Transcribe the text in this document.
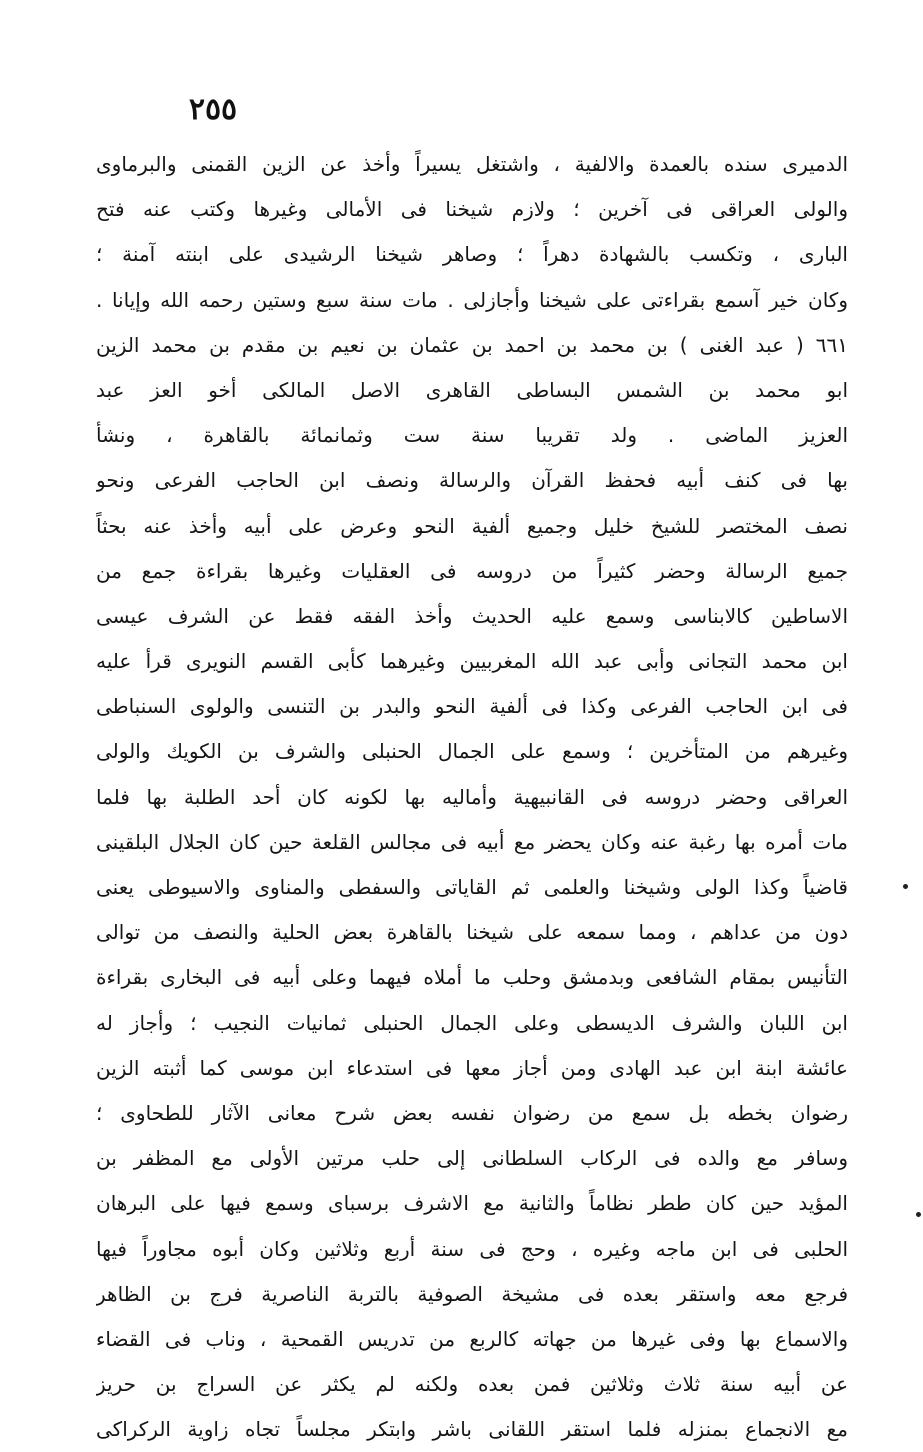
٢٥٥
الدميرى سنده بالعمدة والالفية ، واشتغل يسيراً وأخذ عن الزين القمنى والبرماوى
والولى العراقى فى آخرين ؛ ولازم شيخنا فى الأمالى وغيرها وكتب عنه فتح
البارى ، وتكسب بالشهادة دهراً ؛ وصاهر شيخنا الرشيدى على ابنته آمنة ؛
وكان خير آسمع بقراءتى على شيخنا وأجازلى . مات سنة سبع وستين رحمه الله وإيانا .
٦٦١ ( عبد الغنى ) بن محمد بن احمد بن عثمان بن نعيم بن مقدم بن محمد الزين
ابو محمد بن الشمس البساطى القاهرى الاصل المالكى أخو العز عبد
العزيز الماضى . ولد تقريبا سنة ست وثمانمائة بالقاهرة ، ونشأ
بها فى كنف أبيه فحفظ القرآن والرسالة ونصف ابن الحاجب الفرعى ونحو
نصف المختصر للشيخ خليل وجميع ألفية النحو وعرض على أبيه وأخذ عنه بحثاً
جميع الرسالة وحضر كثيراً من دروسه فى العقليات وغيرها بقراءة جمع من
الاساطين كالابناسى وسمع عليه الحديث وأخذ الفقه فقط عن الشرف عيسى
ابن محمد التجانى وأبى عبد الله المغربيين وغيرهما كأبى القسم النويرى قرأ عليه
فى ابن الحاجب الفرعى وكذا فى ألفية النحو والبدر بن التنسى والولوى السنباطى
وغيرهم من المتأخرين ؛ وسمع على الجمال الحنبلى والشرف بن الكويك والولى
العراقى وحضر دروسه فى القانبيهية وأماليه بها لكونه كان أحد الطلبة بها فلما
مات أمره بها رغبة عنه وكان يحضر مع أبيه فى مجالس القلعة حين كان الجلال البلقينى
قاضياً وكذا الولى وشيخنا والعلمى ثم القاياتى والسفطى والمناوى والاسيوطى يعنى
دون من عداهم ، ومما سمعه على شيخنا بالقاهرة بعض الحلية والنصف من توالى
التأنيس بمقام الشافعى وبدمشق وحلب ما أملاه فيهما وعلى أبيه فى البخارى بقراءة
ابن اللبان والشرف الديسطى وعلى الجمال الحنبلى ثمانيات النجيب ؛ وأجاز له
عائشة ابنة ابن عبد الهادى ومن أجاز معها فى استدعاء ابن موسى كما أثبته الزين
رضوان بخطه بل سمع من رضوان نفسه بعض شرح معانى الآثار للطحاوى ؛
وسافر مع والده فى الركاب السلطانى إلى حلب مرتين الأولى مع المظفر بن
المؤيد حين كان ططر نظاماً والثانية مع الاشرف برسباى وسمع فيها على البرهان
الحلبى فى ابن ماجه وغيره ، وحج فى سنة أربع وثلاثين وكان أبوه مجاوراً فيها
فرجع معه واستقر بعده فى مشيخة الصوفية بالتربة الناصرية فرج بن الظاهر
والاسماع بها وفى غيرها من جهاته كالربع من تدريس القمحية ، وناب فى القضاء
عن أبيه سنة ثلاث وثلاثين فمن بعده ولكنه لم يكثر عن السراج بن حريز
مع الانجماع بمنزله فلما استقر اللقانى باشر وابتكر مجلساً تجاه زاوية الركراكى
